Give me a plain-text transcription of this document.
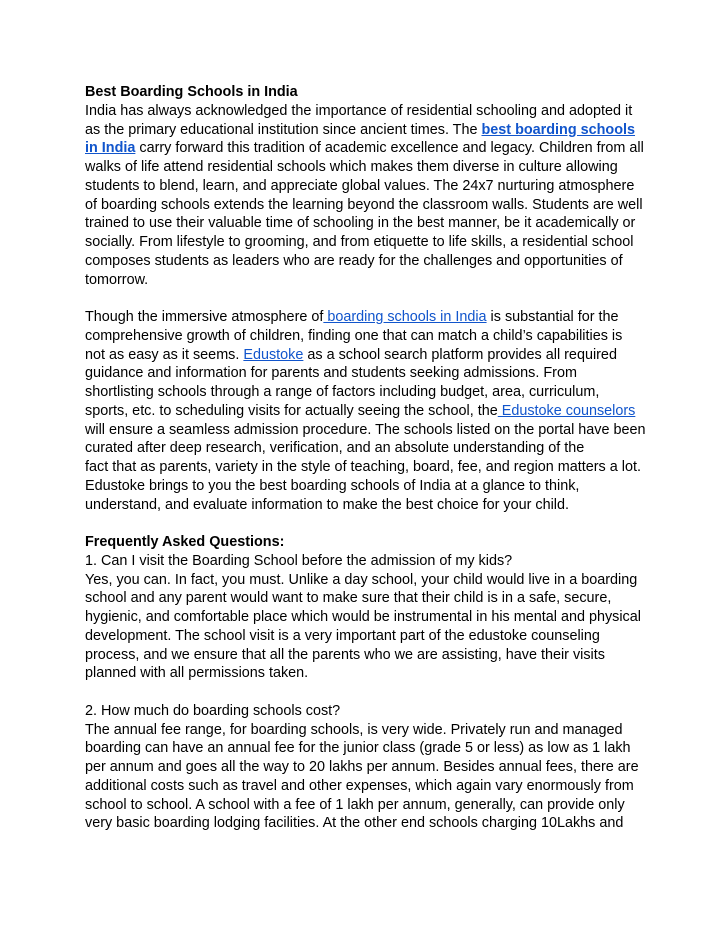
Best Boarding Schools in India
India has always acknowledged the importance of residential schooling and adopted it
as the primary educational institution since ancient times. The best boarding schools
in India carry forward this tradition of academic excellence and legacy. Children from all
walks of life attend residential schools which makes them diverse in culture allowing
students to blend, learn, and appreciate global values. The 24x7 nurturing atmosphere
of boarding schools extends the learning beyond the classroom walls. Students are well
trained to use their valuable time of schooling in the best manner, be it academically or
socially. From lifestyle to grooming, and from etiquette to life skills, a residential school
composes students as leaders who are ready for the challenges and opportunities of
tomorrow.
Though the immersive atmosphere of boarding schools in India is substantial for the
comprehensive growth of children, finding one that can match a child’s capabilities is
not as easy as it seems. Edustoke as a school search platform provides all required
guidance and information for parents and students seeking admissions. From
shortlisting schools through a range of factors including budget, area, curriculum,
sports, etc. to scheduling visits for actually seeing the school, the Edustoke counselors
will ensure a seamless admission procedure. The schools listed on the portal have been
curated after deep research, verification, and an absolute understanding of the
fact that as parents, variety in the style of teaching, board, fee, and region matters a lot.
Edustoke brings to you the best boarding schools of India at a glance to think,
understand, and evaluate information to make the best choice for your child.
Frequently Asked Questions:
1. Can I visit the Boarding School before the admission of my kids?
Yes, you can. In fact, you must. Unlike a day school, your child would live in a boarding
school and any parent would want to make sure that their child is in a safe, secure,
hygienic, and comfortable place which would be instrumental in his mental and physical
development. The school visit is a very important part of the edustoke counseling
process, and we ensure that all the parents who we are assisting, have their visits
planned with all permissions taken.
2. How much do boarding schools cost?
The annual fee range, for boarding schools, is very wide. Privately run and managed
boarding can have an annual fee for the junior class (grade 5 or less) as low as 1 lakh
per annum and goes all the way to 20 lakhs per annum. Besides annual fees, there are
additional costs such as travel and other expenses, which again vary enormously from
school to school. A school with a fee of 1 lakh per annum, generally, can provide only
very basic boarding lodging facilities. At the other end schools charging 10Lakhs and
